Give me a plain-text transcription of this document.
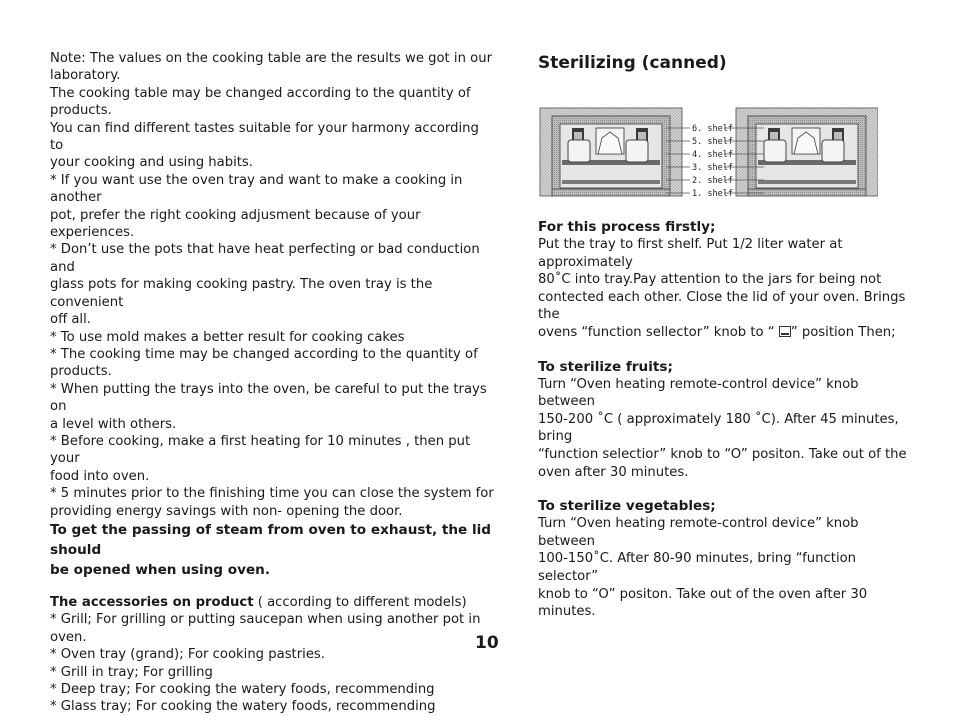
Note: The values on the cooking table are the results we got in our

laboratory.

The cooking table may be changed according to the quantity of products.

You can find different tastes suitable for your harmony according to

your cooking and using habits.

* If you want use the oven tray and want to make a cooking in another

pot, prefer the right cooking adjusment because of your experiences.

* Don’t use the pots that have heat perfecting or bad conduction and

glass pots for making cooking pastry. The oven tray is the convenient

off all.

* To use mold makes a better result for cooking cakes

* The cooking time may be changed according to the quantity of

products.

* When putting the trays into the oven, be careful to put the trays on

a level with others.

* Before cooking, make a first heating for 10 minutes , then put your

food into oven.

* 5 minutes prior to the finishing time you can close the system for

providing energy savings with non- opening the door.

To get the passing of steam from oven to exhaust, the lid should

be opened when using oven.

The accessories on product ( according to different models)

* Grill; For grilling or putting saucepan when using another pot in oven.

* Oven tray (grand); For cooking pastries.

* Grill in tray; For grilling

* Deep tray; For cooking the watery foods, recommending

* Glass tray; For cooking the watery foods, recommending

Sterilizing (canned)
6. shelf
5. shelf
4. shelf
3. shelf
2. shelf
1. shelf
For this process firstly;

Put the tray to first shelf. Put 1/2 liter water at approximately

80˚C into tray.Pay attention to the jars for being not

contected each other. Close the lid of your oven. Brings the

ovens “function sellector” knob to “ ” position Then;

To sterilize fruits;

Turn “Oven heating remote-control device” knob between

150-200 ˚C ( approximately 180 ˚C). After 45 minutes, bring

“function selectior” knob to “O” positon. Take out of the

oven after 30 minutes.

To sterilize vegetables;

Turn “Oven heating remote-control device” knob between

100-150˚C. After 80-90 minutes, bring “function selector”

knob to “O” positon. Take out of the oven after 30 minutes.

10
